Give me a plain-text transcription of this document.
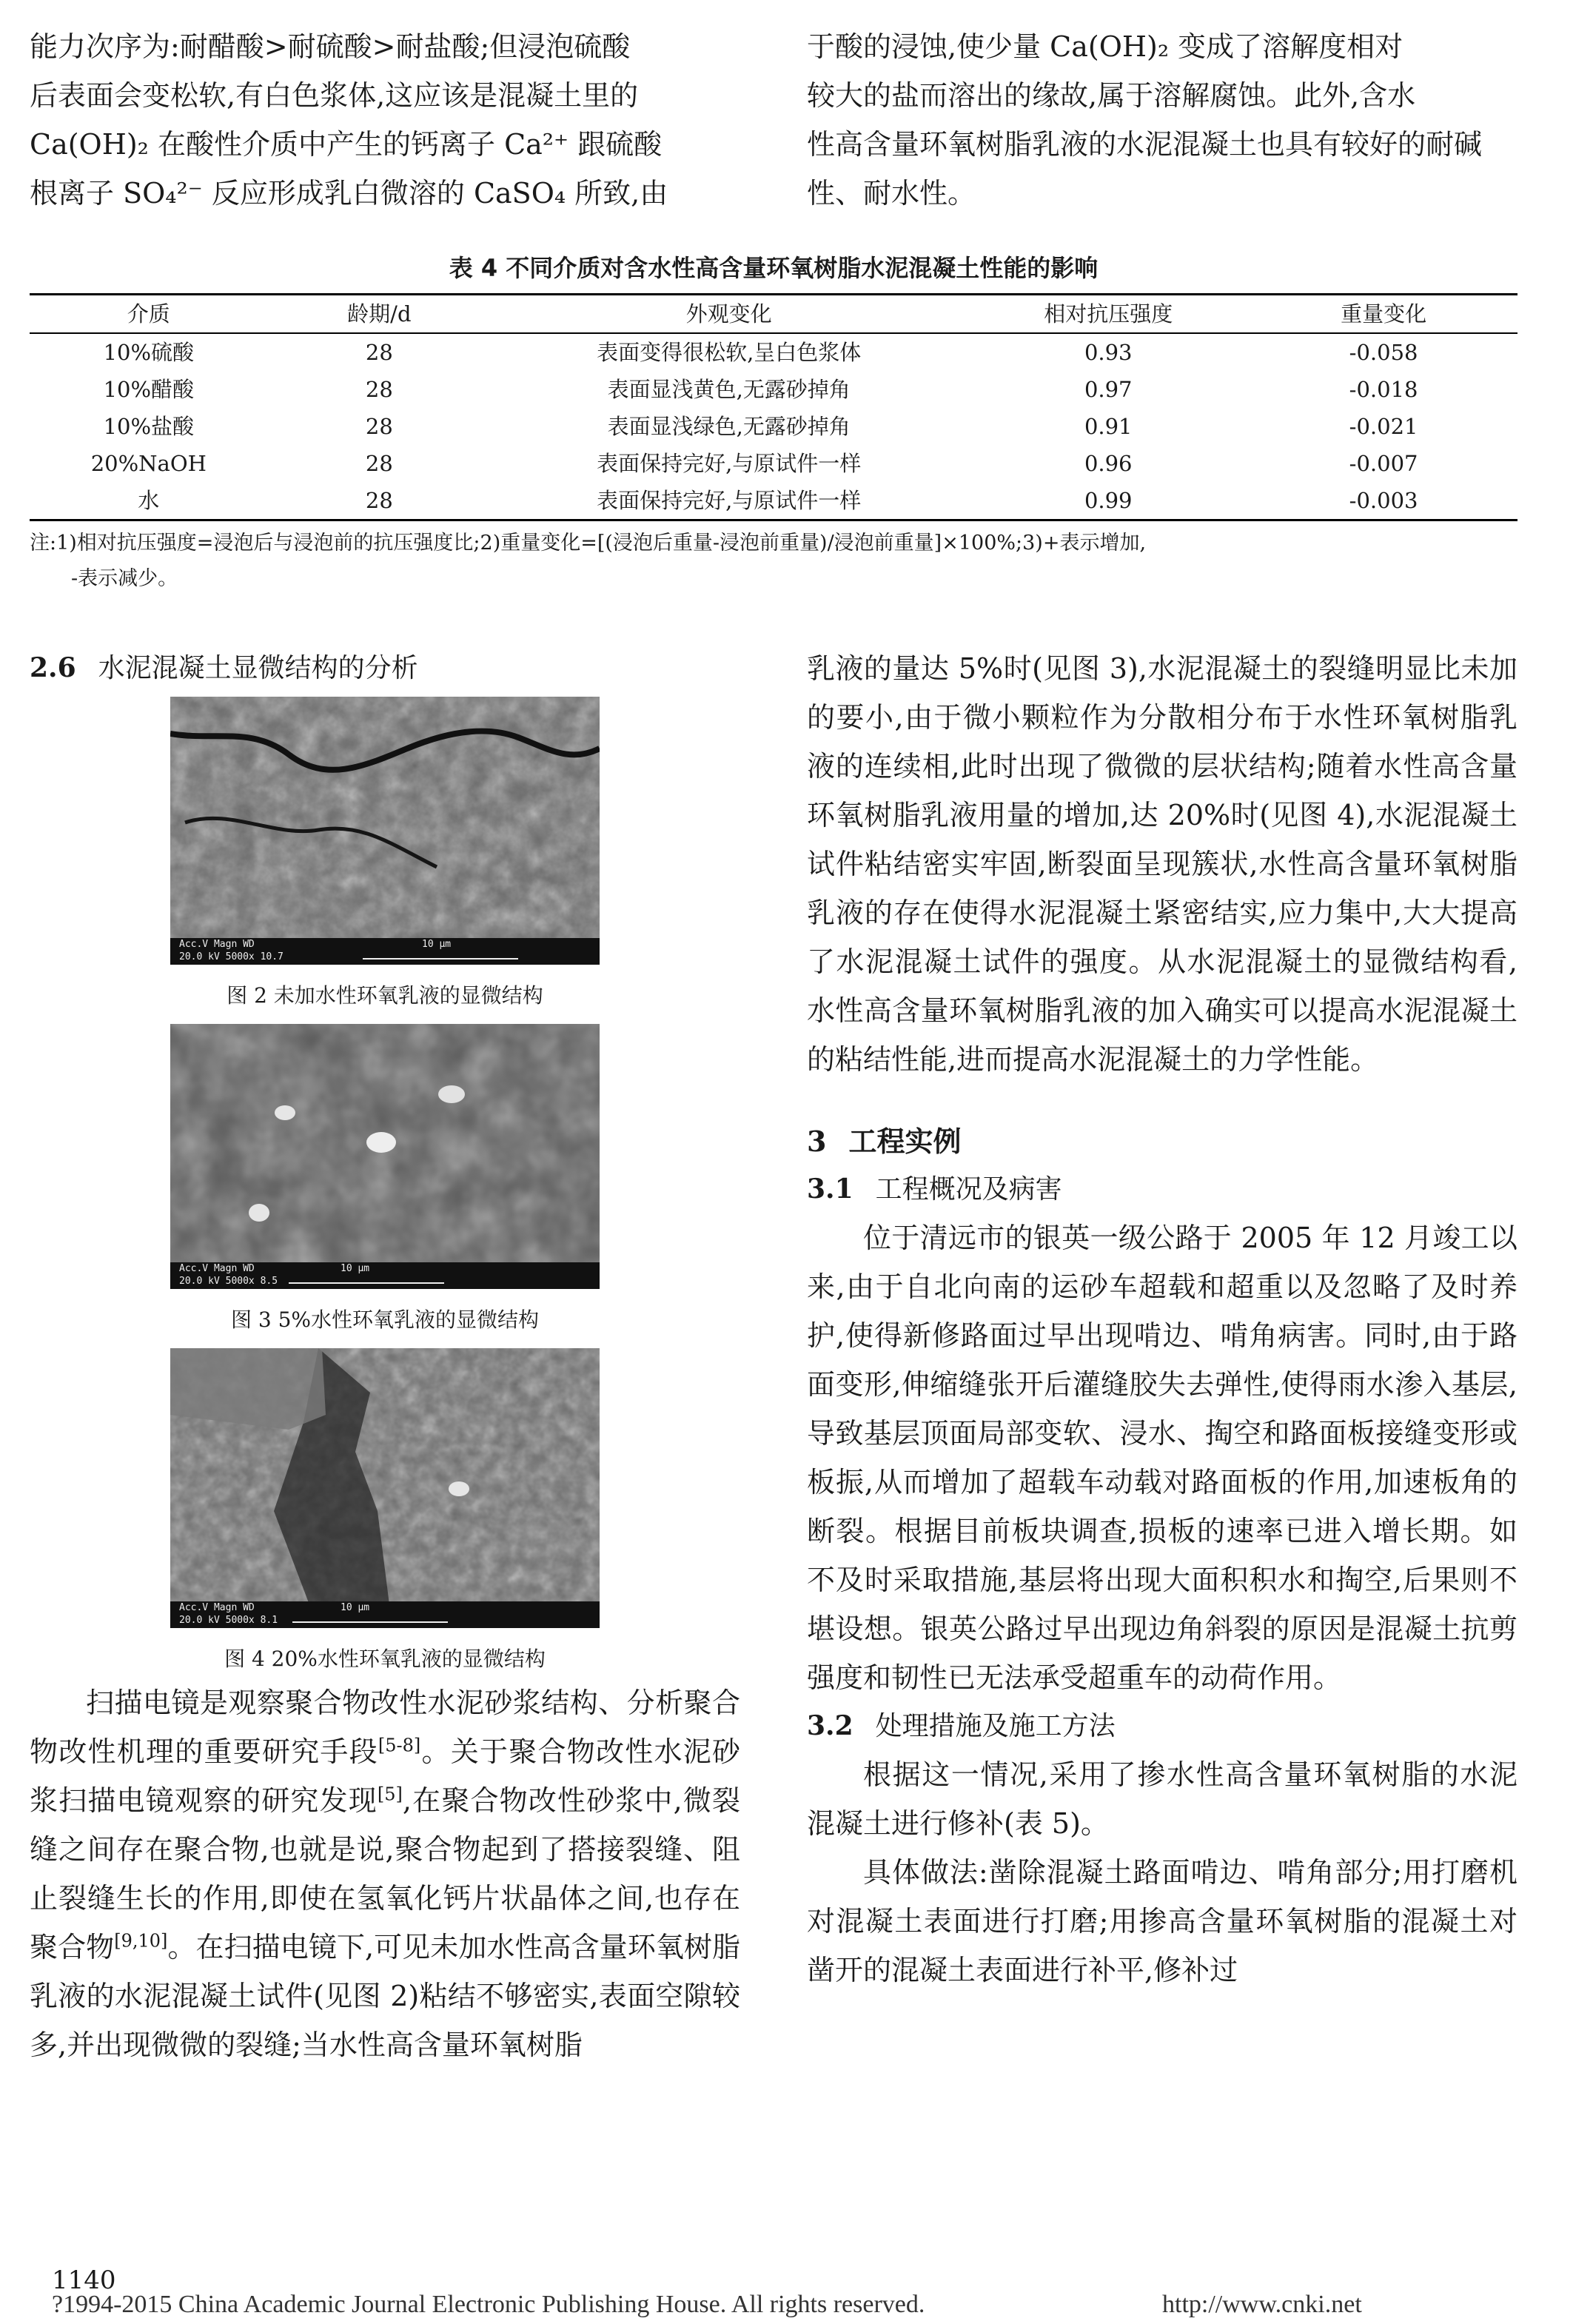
能力次序为:耐醋酸>耐硫酸>耐盐酸;但浸泡硫酸

后表面会变松软,有白色浆体,这应该是混凝土里的

Ca(OH)₂ 在酸性介质中产生的钙离子 Ca²⁺ 跟硫酸

根离子 SO₄²⁻ 反应形成乳白微溶的 CaSO₄ 所致,由

于酸的浸蚀,使少量 Ca(OH)₂ 变成了溶解度相对

较大的盐而溶出的缘故,属于溶解腐蚀。此外,含水

性高含量环氧树脂乳液的水泥混凝土也具有较好的耐碱

性、耐水性。

表 4 不同介质对含水性高含量环氧树脂水泥混凝土性能的影响
介质	龄期/d	外观变化	相对抗压强度	重量变化
10%硫酸	28	表面变得很松软,呈白色浆体	0.93	-0.058
10%醋酸	28	表面显浅黄色,无露砂掉角	0.97	-0.018
10%盐酸	28	表面显浅绿色,无露砂掉角	0.91	-0.021
20%NaOH	28	表面保持完好,与原试件一样	0.96	-0.007
水	28	表面保持完好,与原试件一样	0.99	-0.003
注:1)相对抗压强度=浸泡后与浸泡前的抗压强度比;2)重量变化=[(浸泡后重量-浸泡前重量)/浸泡前重量]×100%;3)+表示增加,
-表示减少。

2.6 水泥混凝土显微结构的分析

Acc.V Magn WD
20.0 kV 5000x 10.7
10 μm

图 2 未加水性环氧乳液的显微结构

Acc.V Magn WD
20.0 kV 5000x 8.5
10 μm

图 3 5%水性环氧乳液的显微结构

Acc.V Magn WD
20.0 kV 5000x 8.1
10 μm

图 4 20%水性环氧乳液的显微结构

扫描电镜是观察聚合物改性水泥砂浆结构、分析聚合物改性机理的重要研究手段[5-8]。关于聚合物改性水泥砂浆扫描电镜观察的研究发现[5],在聚合物改性砂浆中,微裂缝之间存在聚合物,也就是说,聚合物起到了搭接裂缝、阻止裂缝生长的作用,即使在氢氧化钙片状晶体之间,也存在聚合物[9,10]。在扫描电镜下,可见未加水性高含量环氧树脂乳液的水泥混凝土试件(见图 2)粘结不够密实,表面空隙较多,并出现微微的裂缝;当水性高含量环氧树脂

乳液的量达 5%时(见图 3),水泥混凝土的裂缝明显比未加的要小,由于微小颗粒作为分散相分布于水性环氧树脂乳液的连续相,此时出现了微微的层状结构;随着水性高含量环氧树脂乳液用量的增加,达 20%时(见图 4),水泥混凝土试件粘结密实牢固,断裂面呈现簇状,水性高含量环氧树脂乳液的存在使得水泥混凝土紧密结实,应力集中,大大提高了水泥混凝土试件的强度。从水泥混凝土的显微结构看,水性高含量环氧树脂乳液的加入确实可以提高水泥混凝土的粘结性能,进而提高水泥混凝土的力学性能。

3 工程实例

3.1 工程概况及病害

位于清远市的银英一级公路于 2005 年 12 月竣工以来,由于自北向南的运砂车超载和超重以及忽略了及时养护,使得新修路面过早出现啃边、啃角病害。同时,由于路面变形,伸缩缝张开后灌缝胶失去弹性,使得雨水渗入基层,导致基层顶面局部变软、浸水、掏空和路面板接缝变形或板振,从而增加了超载车动载对路面板的作用,加速板角的断裂。根据目前板块调查,损板的速率已进入增长期。如不及时采取措施,基层将出现大面积积水和掏空,后果则不堪设想。银英公路过早出现边角斜裂的原因是混凝土抗剪强度和韧性已无法承受超重车的动荷作用。

3.2 处理措施及施工方法

根据这一情况,采用了掺水性高含量环氧树脂的水泥混凝土进行修补(表 5)。

具体做法:凿除混凝土路面啃边、啃角部分;用打磨机对混凝土表面进行打磨;用掺高含量环氧树脂的混凝土对凿开的混凝土表面进行补平,修补过

1140
?1994-2015 China Academic Journal Electronic Publishing House. All rights reserved.	http://www.cnki.net
